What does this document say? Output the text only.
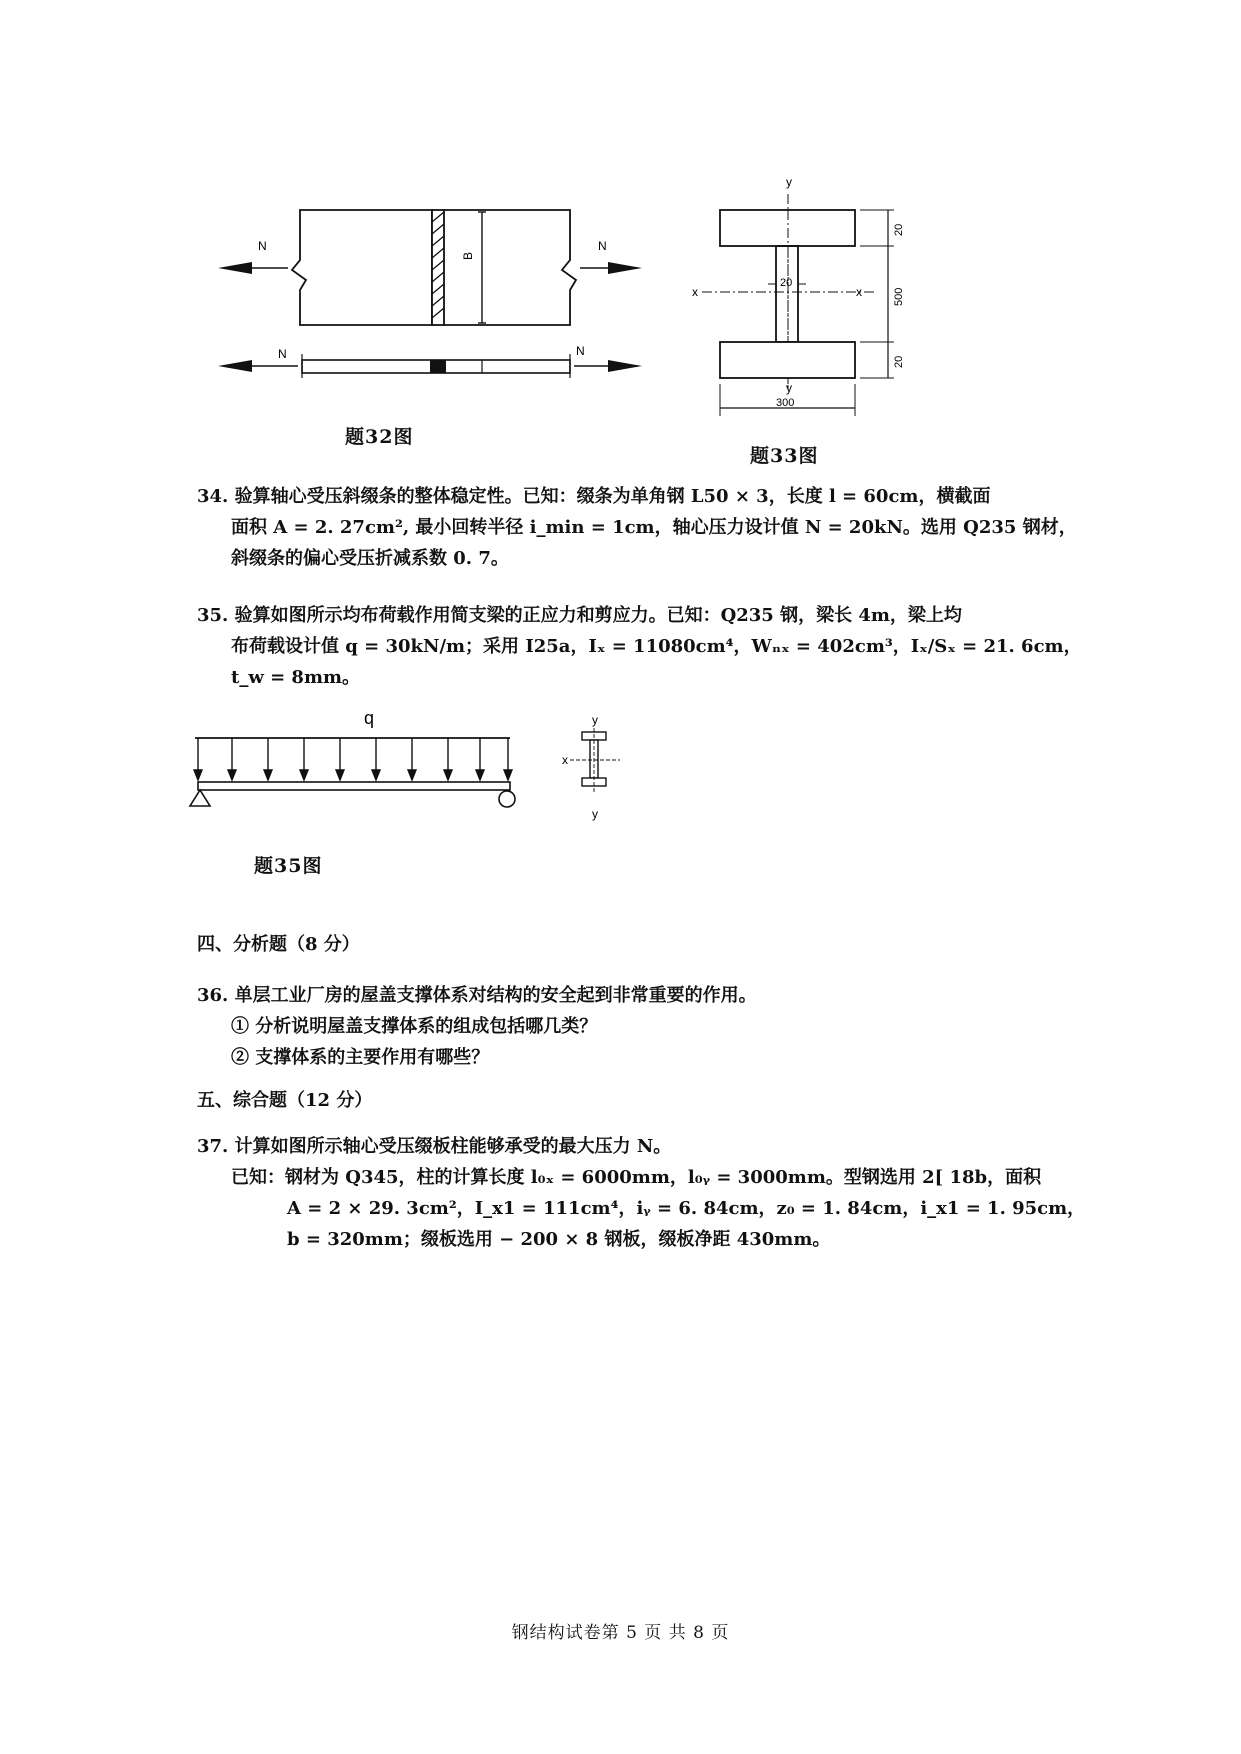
B
N	N
N	N
题32图
y
y
x	x
20
20
500
20
300
题33图
34. 验算轴心受压斜缀条的整体稳定性。已知：缀条为单角钢 L50 × 3，长度 l = 60cm，横截面
面积 A = 2. 27cm², 最小回转半径 i_min = 1cm，轴心压力设计值 N = 20kN。选用 Q235 钢材，
斜缀条的偏心受压折减系数 0. 7。
35. 验算如图所示均布荷载作用简支梁的正应力和剪应力。已知：Q235 钢，梁长 4m，梁上均
布荷载设计值 q = 30kN/m；采用 I25a，Iₓ = 11080cm⁴，Wₙₓ = 402cm³，Iₓ/Sₓ = 21. 6cm，
t_w = 8mm。
q	y
x
y
题35图
四、分析题（8 分）
36. 单层工业厂房的屋盖支撑体系对结构的安全起到非常重要的作用。
① 分析说明屋盖支撑体系的组成包括哪几类？
② 支撑体系的主要作用有哪些？
五、综合题（12 分）
37. 计算如图所示轴心受压缀板柱能够承受的最大压力 N。
已知：钢材为 Q345，柱的计算长度 l₀ₓ = 6000mm，l₀ᵧ = 3000mm。型钢选用 2[ 18b，面积
A = 2 × 29. 3cm²，I_x1 = 111cm⁴，iᵧ = 6. 84cm，z₀ = 1. 84cm，i_x1 = 1. 95cm，
b = 320mm；缀板选用 − 200 × 8 钢板，缀板净距 430mm。
钢结构试卷第 5 页 共 8 页
